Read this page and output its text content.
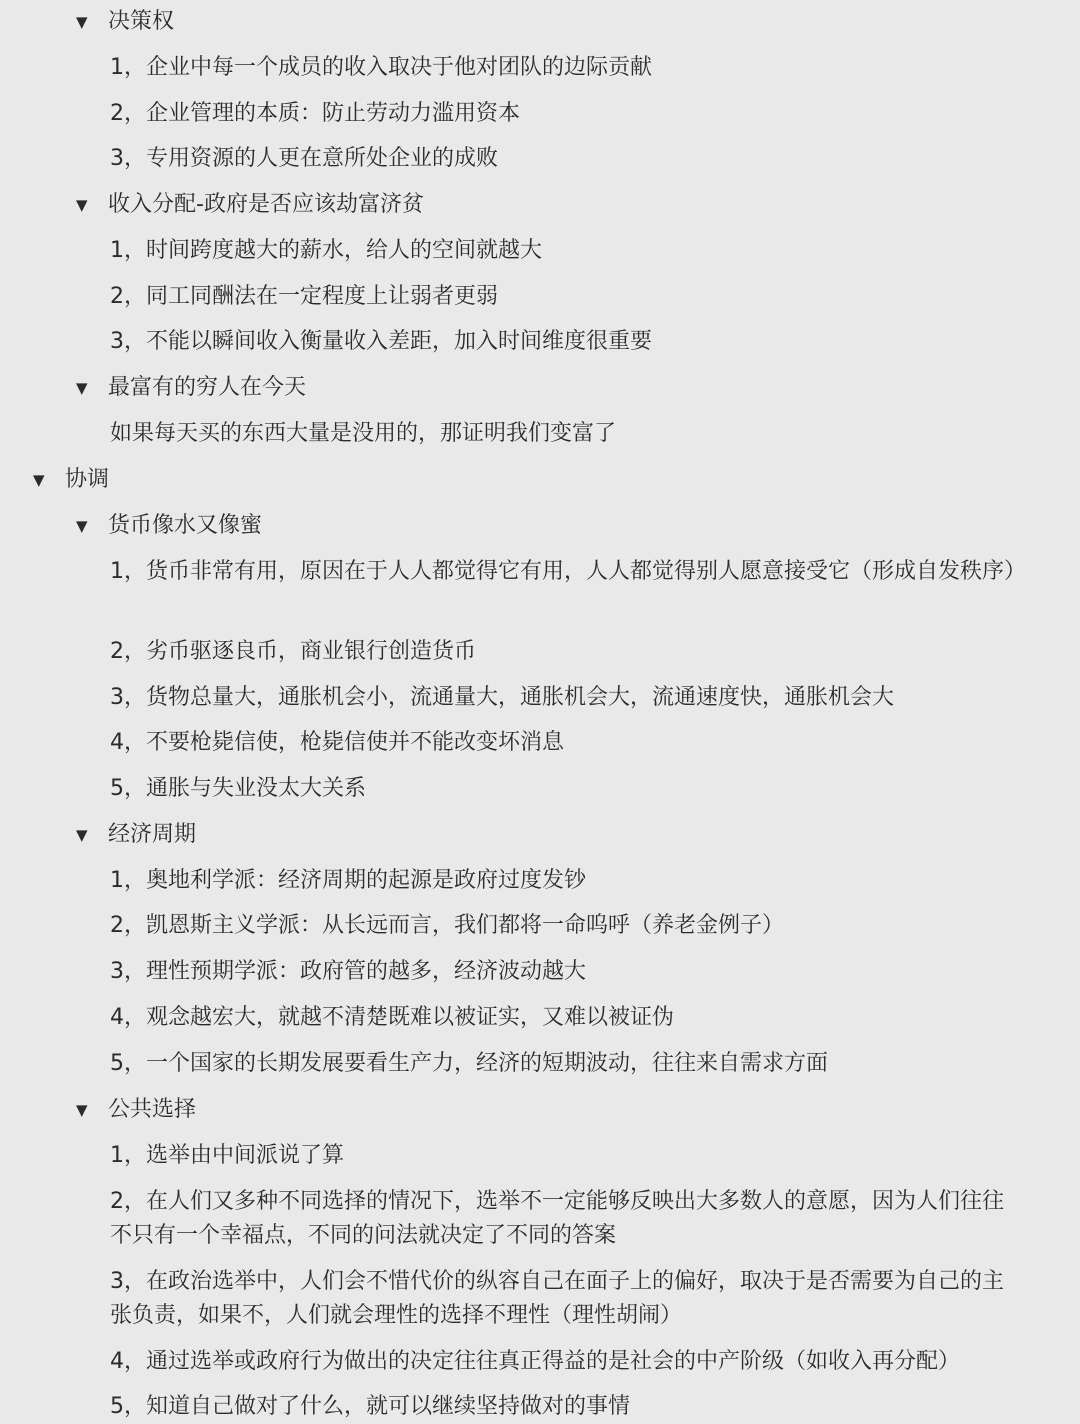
▼ 决策权
1，企业中每一个成员的收入取决于他对团队的边际贡献
2，企业管理的本质：防止劳动力滥用资本
3，专用资源的人更在意所处企业的成败
▼ 收入分配-政府是否应该劫富济贫
1，时间跨度越大的薪水，给人的空间就越大
2，同工同酬法在一定程度上让弱者更弱
3，不能以瞬间收入衡量收入差距，加入时间维度很重要
▼ 最富有的穷人在今天
如果每天买的东西大量是没用的，那证明我们变富了
▼ 协调
▼ 货币像水又像蜜
1，货币非常有用，原因在于人人都觉得它有用，人人都觉得别人愿意接受它（形成自发秩序）
2，劣币驱逐良币，商业银行创造货币
3，货物总量大，通胀机会小，流通量大，通胀机会大，流通速度快，通胀机会大
4，不要枪毙信使，枪毙信使并不能改变坏消息
5，通胀与失业没太大关系
▼ 经济周期
1，奥地利学派：经济周期的起源是政府过度发钞
2，凯恩斯主义学派：从长远而言，我们都将一命呜呼（养老金例子）
3，理性预期学派：政府管的越多，经济波动越大
4，观念越宏大，就越不清楚既难以被证实，又难以被证伪
5，一个国家的长期发展要看生产力，经济的短期波动，往往来自需求方面
▼ 公共选择
1，选举由中间派说了算
2，在人们又多种不同选择的情况下，选举不一定能够反映出大多数人的意愿，因为人们往往不只有一个幸福点，不同的问法就决定了不同的答案
3，在政治选举中，人们会不惜代价的纵容自己在面子上的偏好，取决于是否需要为自己的主张负责，如果不，人们就会理性的选择不理性（理性胡闹）
4，通过选举或政府行为做出的决定往往真正得益的是社会的中产阶级（如收入再分配）
5，知道自己做对了什么，就可以继续坚持做对的事情
